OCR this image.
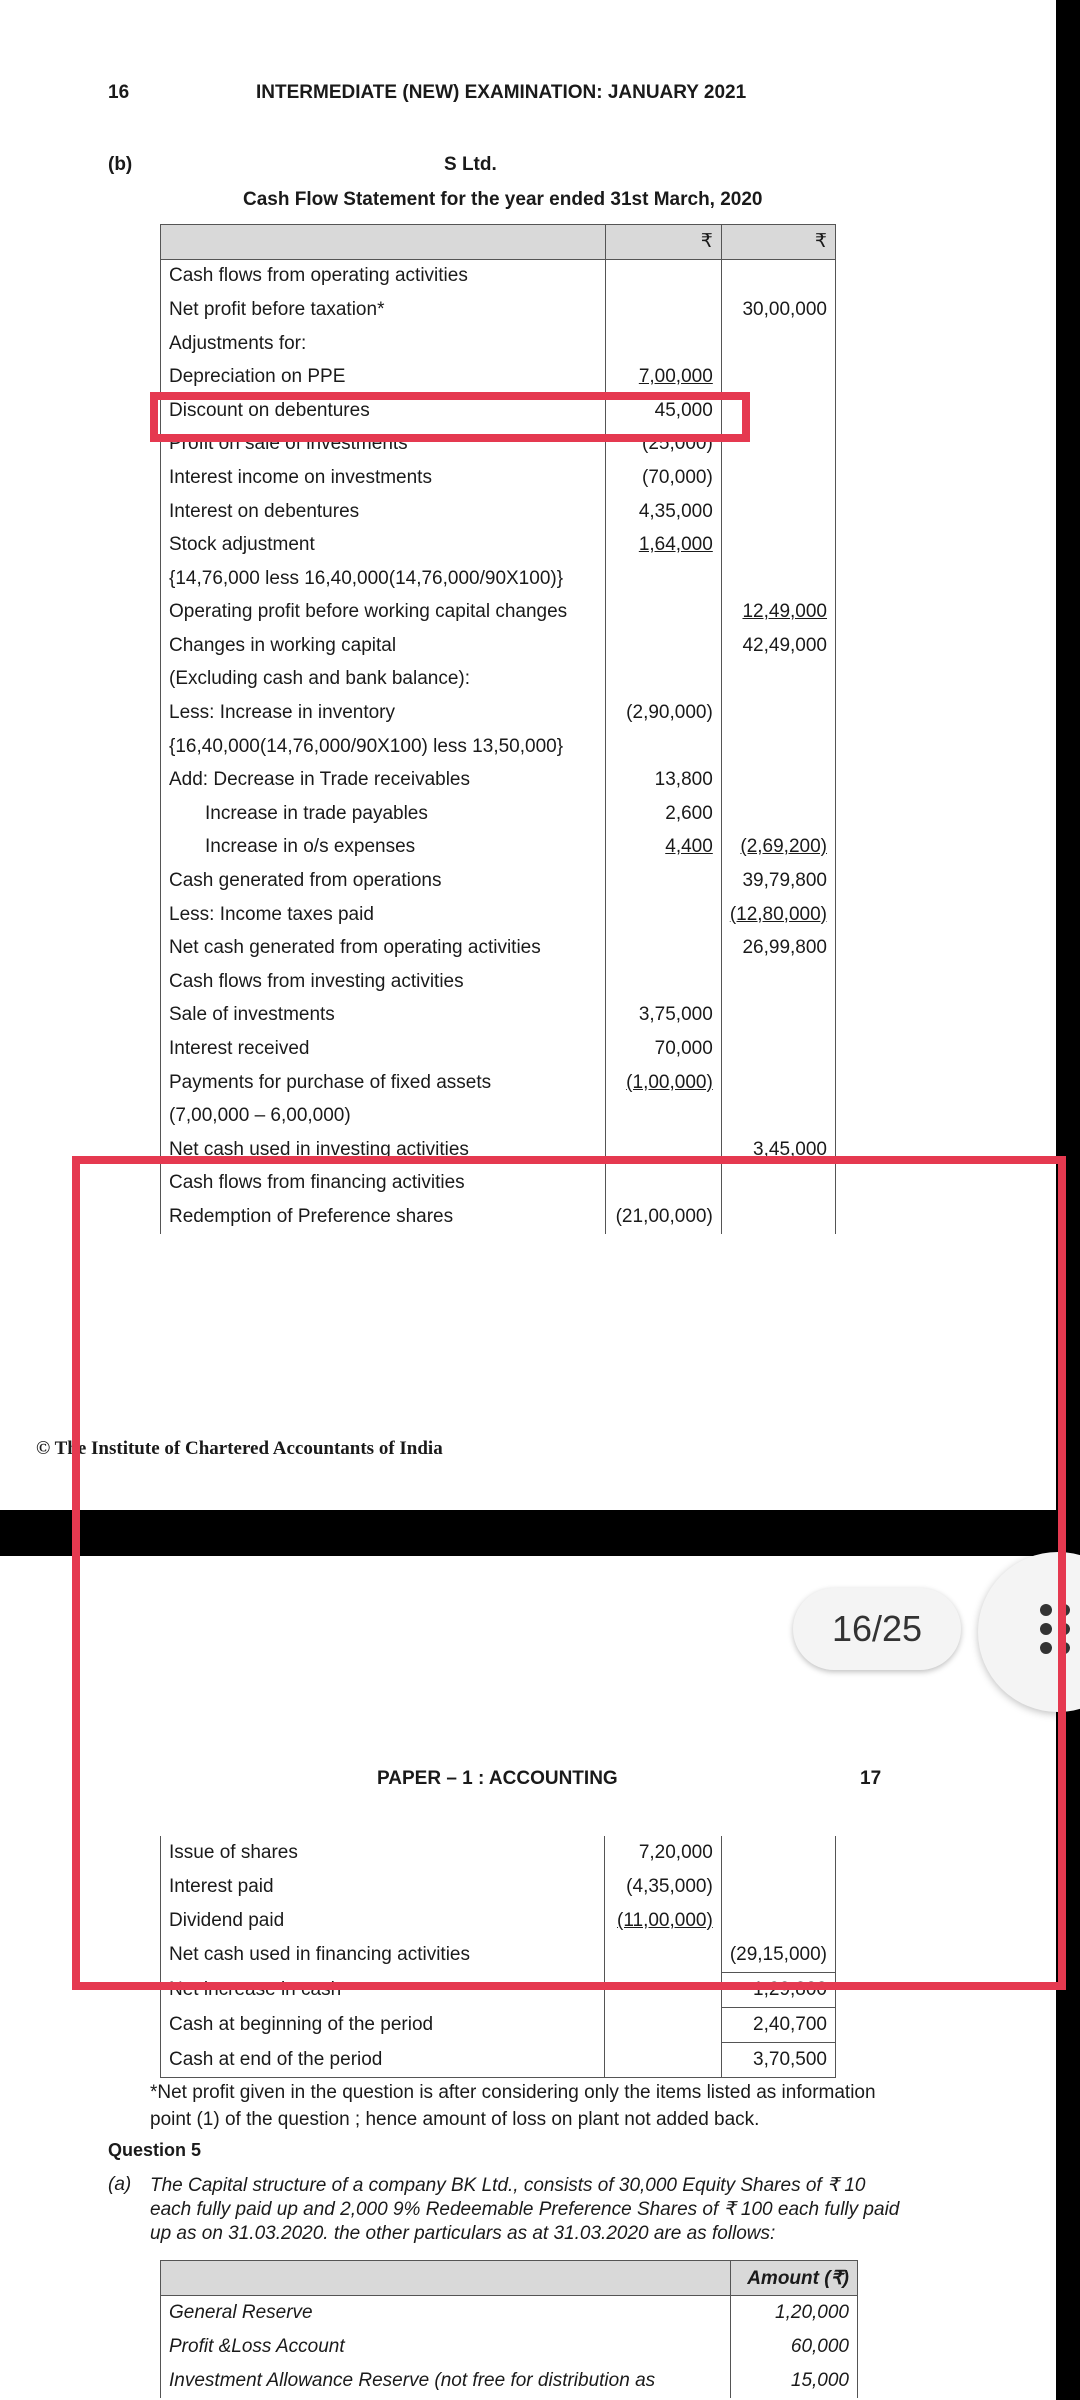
16	INTERMEDIATE (NEW) EXAMINATION: JANUARY 2021
(b)	S Ltd.
Cash Flow Statement for the year ended 31st March, 2020
	₹	₹
Cash flows from operating activities		
Net profit before taxation*		30,00,000
Adjustments for:		
Depreciation on PPE	7,00,000	
Discount on debentures	45,000	
Profit on sale of investments	(25,000)	
Interest income on investments	(70,000)	
Interest on debentures	4,35,000	
Stock adjustment	1,64,000	
{14,76,000 less 16,40,000(14,76,000/90X100)}		
Operating profit before working capital changes		12,49,000
Changes in working capital		42,49,000
(Excluding cash and bank balance):		
Less: Increase in inventory	(2,90,000)	
{16,40,000(14,76,000/90X100) less 13,50,000}		
Add: Decrease in Trade receivables	13,800	
Increase in trade payables	2,600	
Increase in o/s expenses	4,400	(2,69,200)
Cash generated from operations		39,79,800
Less: Income taxes paid		(12,80,000)
Net cash generated from operating activities		26,99,800
Cash flows from investing activities		
Sale of investments	3,75,000	
Interest received	70,000	
Payments for purchase of fixed assets	(1,00,000)	
(7,00,000 – 6,00,000)		
Net cash used in investing activities		3,45,000
Cash flows from financing activities		
Redemption of Preference shares	(21,00,000)	
© The Institute of Chartered Accountants of India
16/25
PAPER – 1 : ACCOUNTING	17
Issue of shares	7,20,000	
Interest paid	(4,35,000)	
Dividend paid	(11,00,000)	
Net cash used in financing activities		(29,15,000)
Net increase in cash		1,29,800
Cash at beginning of the period		2,40,700
Cash at end of the period		3,70,500
*Net profit given in the question is after considering only the items listed as information
point (1) of the question ; hence amount of loss on plant not added back.
Question 5
(a) The Capital structure of a company BK Ltd., consists of 30,000 Equity Shares of ₹ 10
each fully paid up and 2,000 9% Redeemable Preference Shares of ₹ 100 each fully paid
up as on 31.03.2020. the other particulars as at 31.03.2020 are as follows:
	Amount (₹)
General Reserve	1,20,000
Profit &Loss Account	60,000
Investment Allowance Reserve (not free for distribution as	15,000
